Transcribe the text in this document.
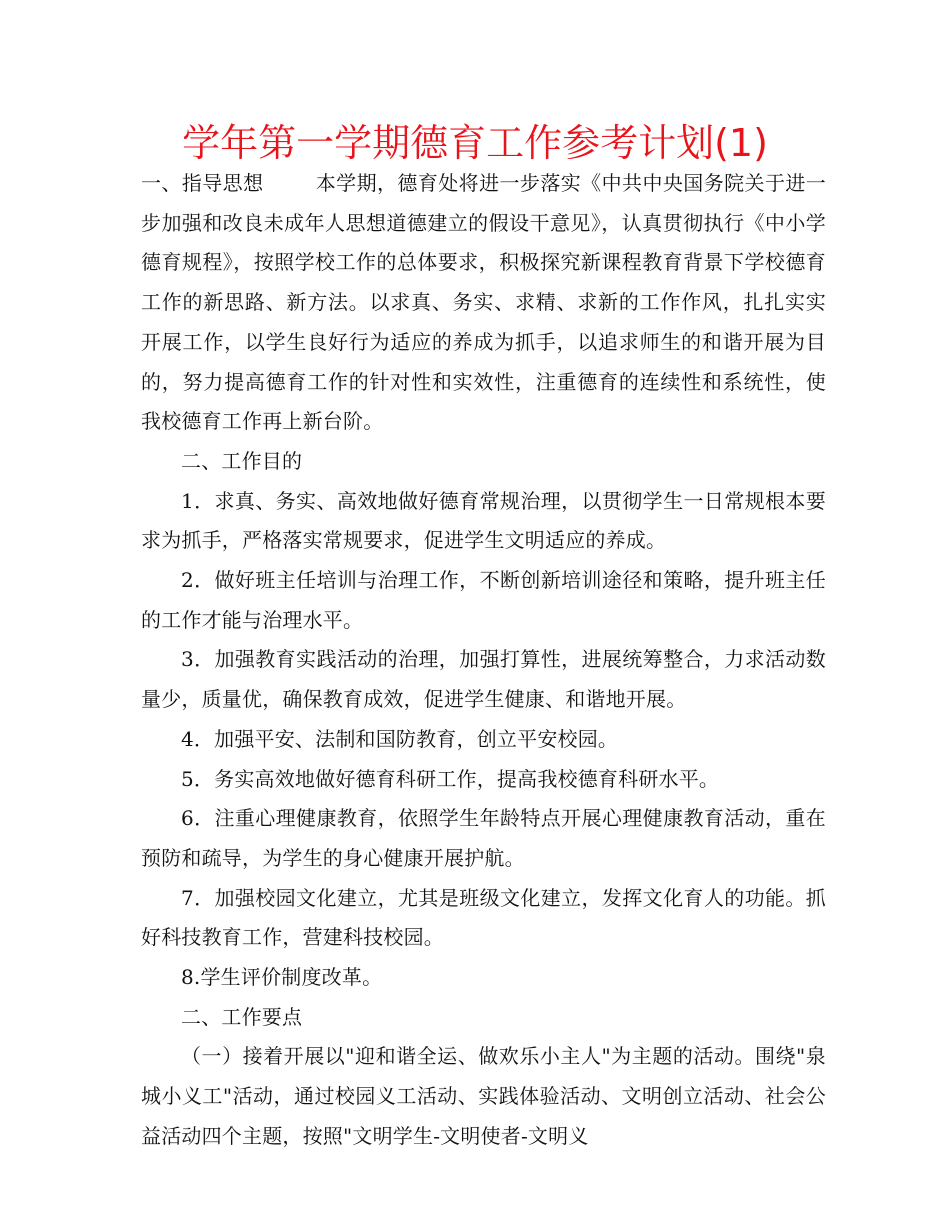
学年第一学期德育工作参考计划(1)

一、指导思想	本学期，德育处将进一步落实《中共中央国务院关于进一步加强和改良未成年人思想道德建立的假设干意见》，认真贯彻执行《中小学德育规程》，按照学校工作的总体要求，积极探究新课程教育背景下学校德育工作的新思路、新方法。以求真、务实、求精、求新的工作作风，扎扎实实开展工作，以学生良好行为适应的养成为抓手，以追求师生的和谐开展为目的，努力提高德育工作的针对性和实效性，注重德育的连续性和系统性，使我校德育工作再上新台阶。

二、工作目的

1．求真、务实、高效地做好德育常规治理，以贯彻学生一日常规根本要求为抓手，严格落实常规要求，促进学生文明适应的养成。

2．做好班主任培训与治理工作，不断创新培训途径和策略，提升班主任的工作才能与治理水平。

3．加强教育实践活动的治理，加强打算性，进展统筹整合，力求活动数量少，质量优，确保教育成效，促进学生健康、和谐地开展。

4．加强平安、法制和国防教育，创立平安校园。

5．务实高效地做好德育科研工作，提高我校德育科研水平。

6．注重心理健康教育，依照学生年龄特点开展心理健康教育活动，重在预防和疏导，为学生的身心健康开展护航。

7．加强校园文化建立，尤其是班级文化建立，发挥文化育人的功能。抓好科技教育工作，营建科技校园。

8.学生评价制度改革。

二、工作要点

（一）接着开展以"迎和谐全运、做欢乐小主人"为主题的活动。围绕"泉城小义工"活动，通过校园义工活动、实践体验活动、文明创立活动、社会公益活动四个主题，按照"文明学生-文明使者-文明义
